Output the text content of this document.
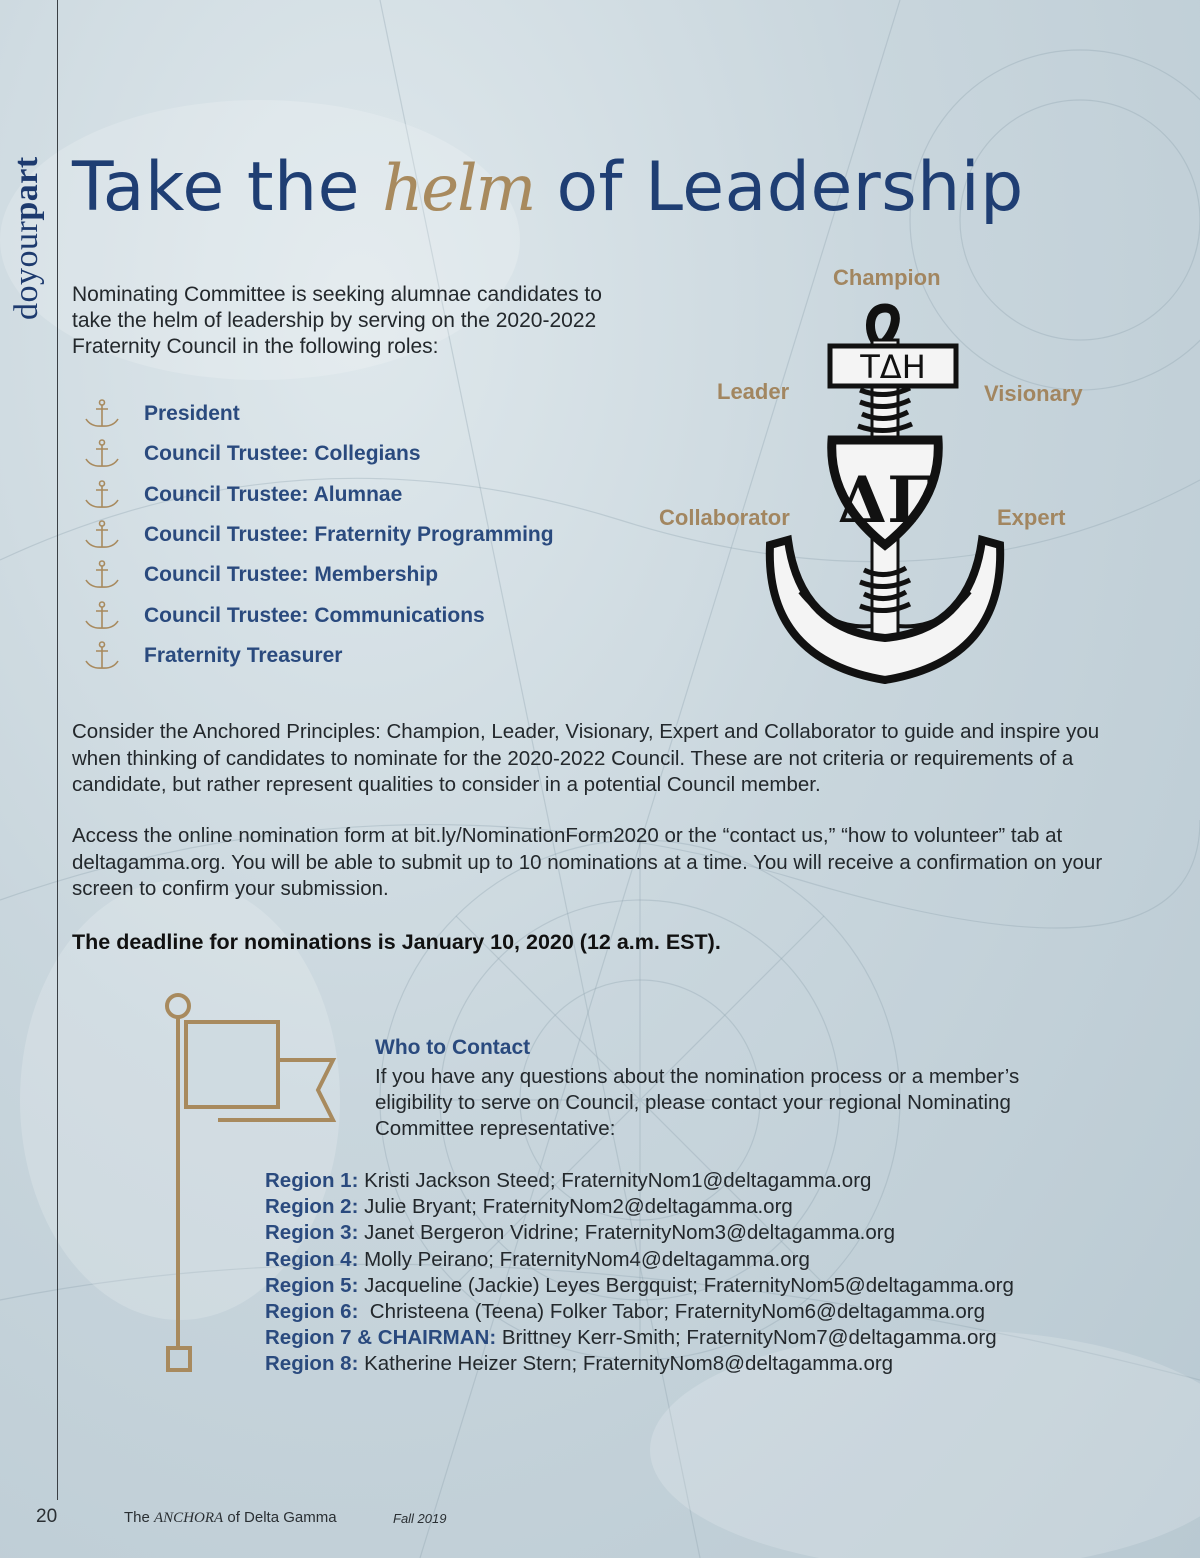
doyourpart Take the helm of Leadership
Nominating Committee is seeking alumnae candidates to take the helm of leadership by serving on the 2020-2022 Fraternity Council in the following roles:
President
Council Trustee: Collegians
Council Trustee: Alumnae
Council Trustee: Fraternity Programming
Council Trustee: Membership
Council Trustee: Communications
Fraternity Treasurer
ΤΔΗ
ΔΓ
Champion
Leader	Visionary
Collaborator	Expert

Consider the Anchored Principles: Champion, Leader, Visionary, Expert and Collaborator to guide and inspire you when thinking of candidates to nominate for the 2020-2022 Council. These are not criteria or requirements of a candidate, but rather represent qualities to consider in a potential Council member.

Access the online nomination form at bit.ly/NominationForm2020 or the “contact us,” “how to volunteer” tab at deltagamma.org. You will be able to submit up to 10 nominations at a time. You will receive a confirmation on your screen to confirm your submission.

The deadline for nominations is January 10, 2020 (12 a.m. EST).

Who to Contact

If you have any questions about the nomination process or a member’s eligibility to serve on Council, please contact your regional Nominating Committee representative:

Region 1: Kristi Jackson Steed; FraternityNom1@deltagamma.org
Region 2: Julie Bryant; FraternityNom2@deltagamma.org
Region 3: Janet Bergeron Vidrine; FraternityNom3@deltagamma.org
Region 4: Molly Peirano; FraternityNom4@deltagamma.org
Region 5: Jacqueline (Jackie) Leyes Bergquist; FraternityNom5@deltagamma.org
Region 6:  Christeena (Teena) Folker Tabor; FraternityNom6@deltagamma.org
Region 7 & CHAIRMAN: Brittney Kerr-Smith; FraternityNom7@deltagamma.org
Region 8: Katherine Heizer Stern; FraternityNom8@deltagamma.org
20	The ANCHORA of Delta Gamma	Fall 2019
